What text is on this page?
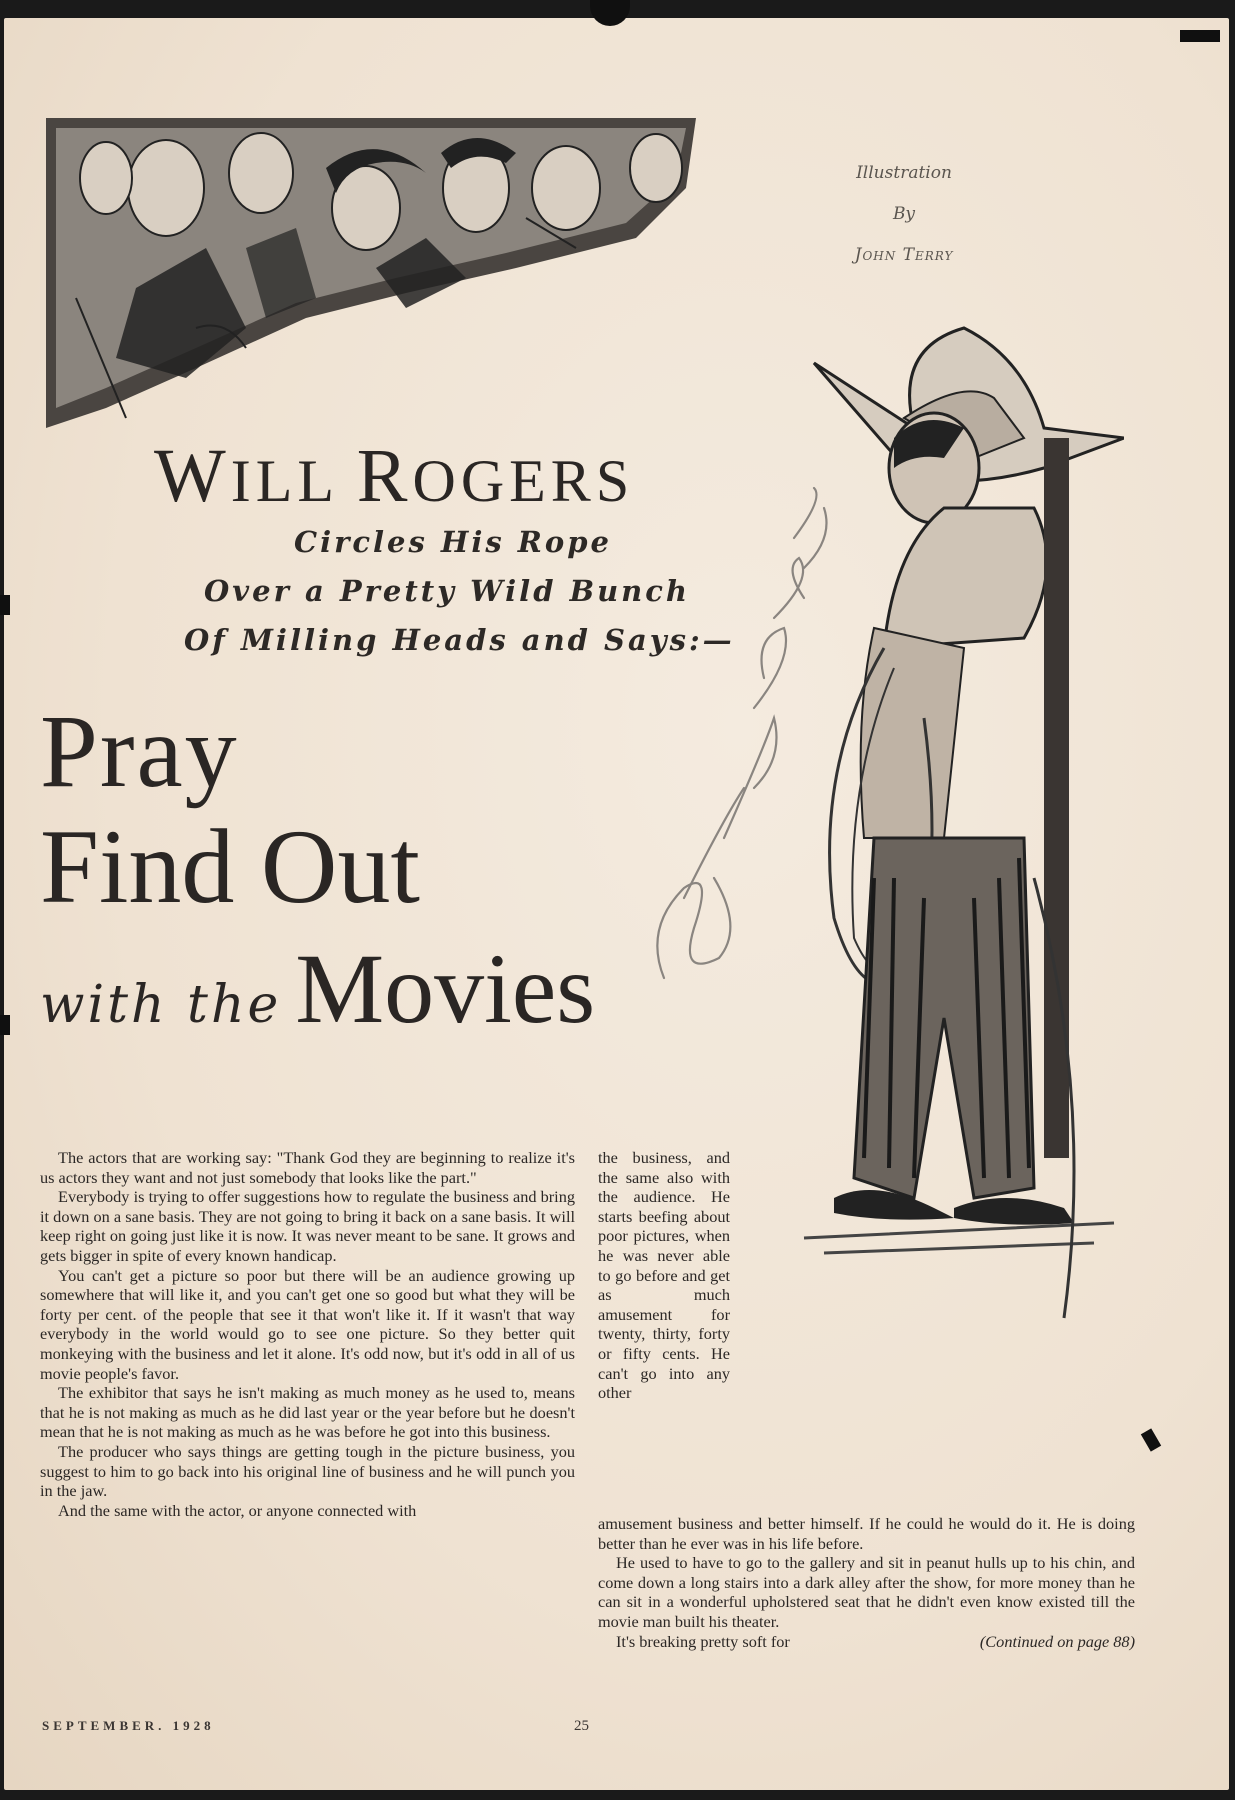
Illustration
By
John Terry
WILL ROGERS
Circles His Rope
Over a Pretty Wild Bunch
Of Milling Heads and Says:—
Pray
Find Out
with the Movies

The actors that are working say: "Thank God they are beginning to realize it's us actors they want and not just somebody that looks like the part."

Everybody is trying to offer suggestions how to regulate the business and bring it down on a sane basis. They are not going to bring it back on a sane basis. It will keep right on going just like it is now. It was never meant to be sane. It grows and gets bigger in spite of every known handicap.

You can't get a picture so poor but there will be an audience growing up somewhere that will like it, and you can't get one so good but what they will be forty per cent. of the people that see it that won't like it. If it wasn't that way everybody in the world would go to see one picture. So they better quit monkeying with the business and let it alone. It's odd now, but it's odd in all of us movie people's favor.

The exhibitor that says he isn't making as much money as he used to, means that he is not making as much as he did last year or the year before but he doesn't mean that he is not making as much as he was before he got into this business.

The producer who says things are getting tough in the picture business, you suggest to him to go back into his original line of business and he will punch you in the jaw.

And the same with the actor, or anyone connected with

the business, and the same also with the audience. He starts beefing about poor pictures, when he was never able to go before and get as much amusement for twenty, thirty, forty or fifty cents. He can't go into any other

amusement business and better himself. If he could he would do it. He is doing better than he ever was in his life before.

He used to have to go to the gallery and sit in peanut hulls up to his chin, and come down a long stairs into a dark alley after the show, for more money than he can sit in a wonderful upholstered seat that he didn't even know existed till the movie man built his theater.

It's breaking pretty soft for	(Continued on page 88)

SEPTEMBER. 1928	25
